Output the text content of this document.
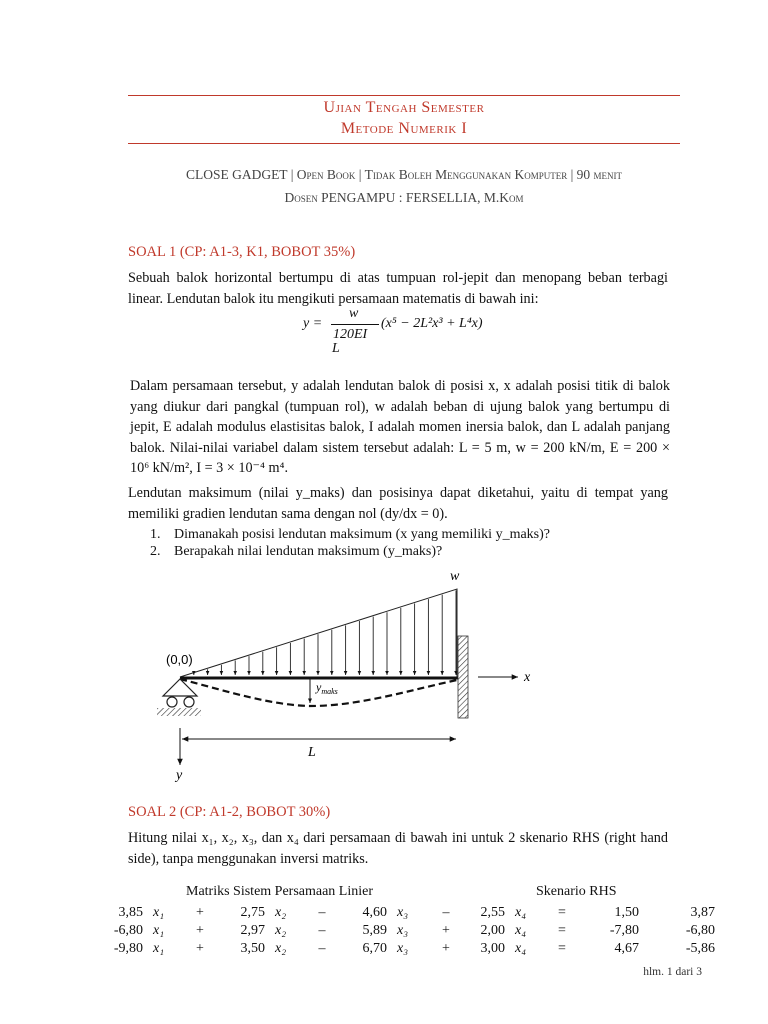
Ujian Tengah Semester
Metode Numerik I
CLOSE GADGET | Open Book | Tidak Boleh Menggunakan Komputer | 90 menit
Dosen PENGAMPU : FERSELLIA, M.Kom
SOAL 1 (CP: A1-3, K1, BOBOT 35%)
Sebuah balok horizontal bertumpu di atas tumpuan rol-jepit dan menopang beban terbagi linear. Lendutan balok itu mengikuti persamaan matematis di bawah ini:
y =
w
120EI
L
(x⁵ − 2L²x³ + L⁴x)
Dalam persamaan tersebut, y adalah lendutan balok di posisi x, x adalah posisi titik di balok yang diukur dari pangkal (tumpuan rol), w adalah beban di ujung balok yang bertumpu di jepit, E adalah modulus elastisitas balok, I adalah momen inersia balok, dan L adalah panjang balok. Nilai-nilai variabel dalam sistem tersebut adalah: L = 5 m, w = 200 kN/m, E = 200 × 10⁶ kN/m², I = 3 × 10⁻⁴ m⁴.
Lendutan maksimum (nilai y_maks) dan posisinya dapat diketahui, yaitu di tempat yang memiliki gradien lendutan sama dengan nol (dy/dx = 0).
1. Dimanakah posisi lendutan maksimum (x yang memiliki y_maks)?
2. Berapakah nilai lendutan maksimum (y_maks)?
w
(0,0)
x
y
$y_{maks}$
L
SOAL 2 (CP: A1-2, BOBOT 30%)
Hitung nilai x₁, x₂, x₃, dan x₄ dari persamaan di bawah ini untuk 2 skenario RHS (right hand side), tanpa menggunakan inversi matriks.
Matriks Sistem Persamaan Linier	Skenario RHS
3,85	x₁	+	2,75	x₂	–	4,60	x₃	–	2,55	x₄	=	1,50	3,87
-6,80	x₁	+	2,97	x₂	–	5,89	x₃	+	2,00	x₄	=	-7,80	-6,80
-9,80	x₁	+	3,50	x₂	–	6,70	x₃	+	3,00	x₄	=	4,67	-5,86
hlm. 1 dari 3
